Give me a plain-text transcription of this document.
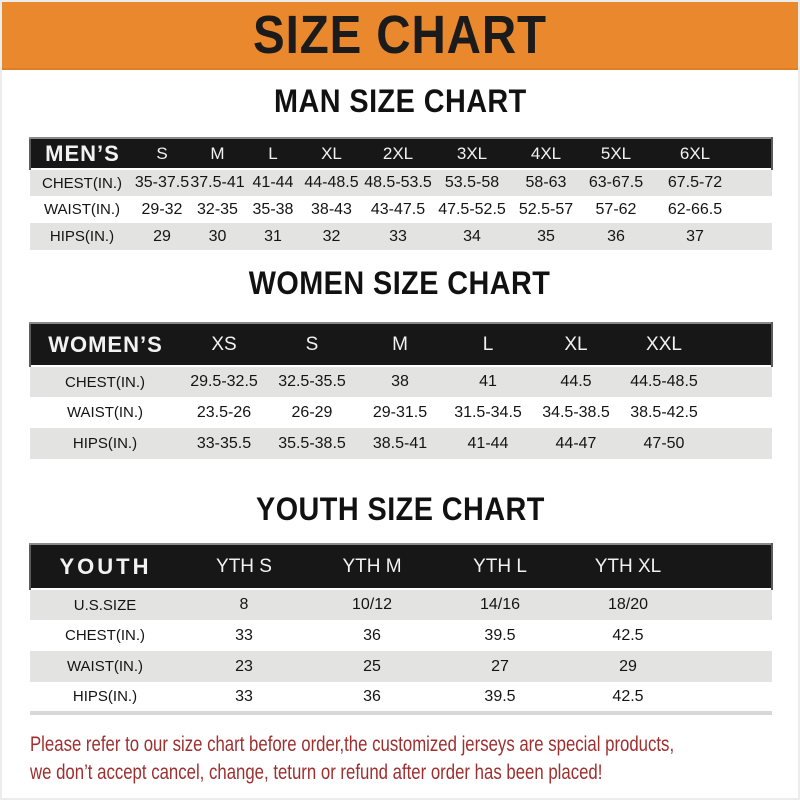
SIZE CHART
MAN SIZE CHART
MEN’S	S	M	L	XL	2XL	3XL	4XL	5XL	6XL	
CHEST(IN.)	35-37.5	37.5-41	41-44	44-48.5	48.5-53.5	53.5-58	58-63	63-67.5	67.5-72	
WAIST(IN.)	29-32	32-35	35-38	38-43	43-47.5	47.5-52.5	52.5-57	57-62	62-66.5	
HIPS(IN.)	29	30	31	32	33	34	35	36	37	
WOMEN SIZE CHART
WOMEN’S	XS	S	M	L	XL	XXL	
CHEST(IN.)	29.5-32.5	32.5-35.5	38	41	44.5	44.5-48.5	
WAIST(IN.)	23.5-26	26-29	29-31.5	31.5-34.5	34.5-38.5	38.5-42.5	
HIPS(IN.)	33-35.5	35.5-38.5	38.5-41	41-44	44-47	47-50	
YOUTH SIZE CHART
YOUTH	YTH S	YTH M	YTH L	YTH XL	
U.S.SIZE	8	10/12	14/16	18/20	
CHEST(IN.)	33	36	39.5	42.5	
WAIST(IN.)	23	25	27	29	
HIPS(IN.)	33	36	39.5	42.5	
Please refer to our size chart before order,the customized jerseys are special products,
we don’t accept cancel, change, teturn or refund after order has been placed!
